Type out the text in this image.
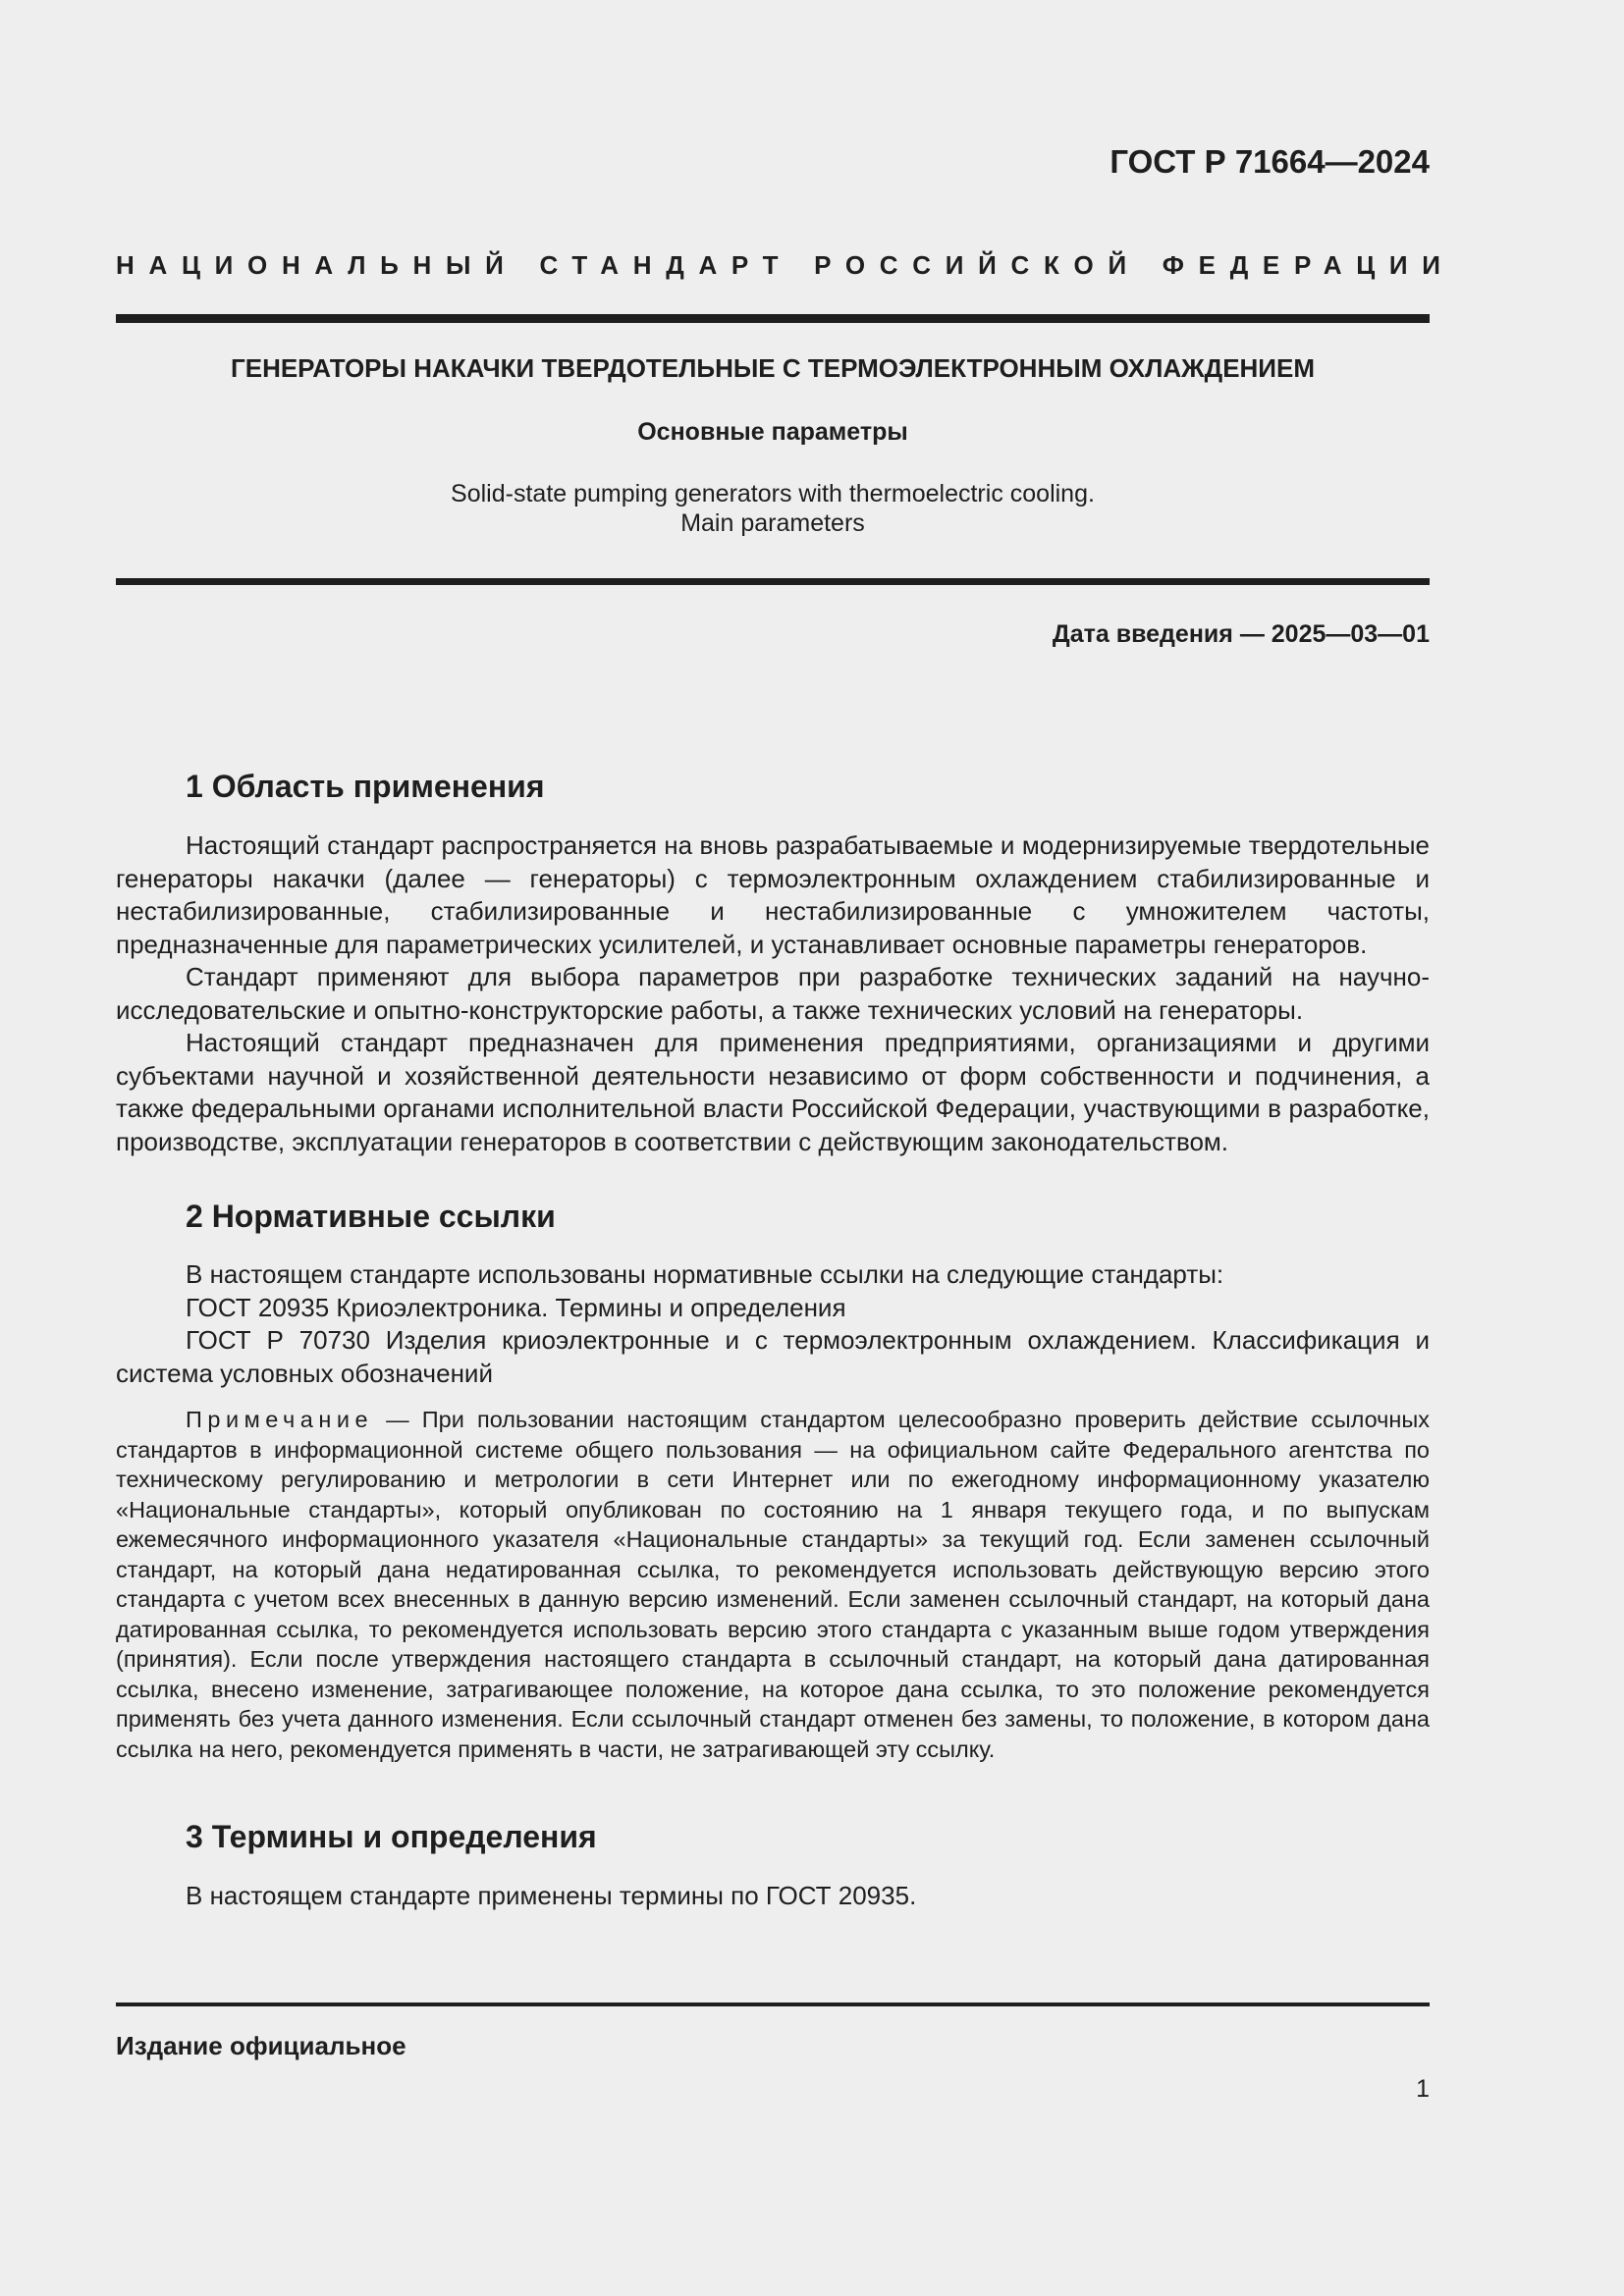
ГОСТ Р 71664—2024
НАЦИОНАЛЬНЫЙ СТАНДАРТ РОССИЙСКОЙ ФЕДЕРАЦИИ
ГЕНЕРАТОРЫ НАКАЧКИ ТВЕРДОТЕЛЬНЫЕ С ТЕРМОЭЛЕКТРОННЫМ ОХЛАЖДЕНИЕМ
Основные параметры
Solid-state pumping generators with thermoelectric cooling.
Main parameters
Дата введения — 2025—03—01
1 Область применения

Настоящий стандарт распространяется на вновь разрабатываемые и модернизируемые твердотельные генераторы накачки (далее — генераторы) с термоэлектронным охлаждением стабилизированные и нестабилизированные, стабилизированные и нестабилизированные с умножителем частоты, предназначенные для параметрических усилителей, и устанавливает основные параметры генераторов.

Стандарт применяют для выбора параметров при разработке технических заданий на научно-исследовательские и опытно-конструкторские работы, а также технических условий на генераторы.

Настоящий стандарт предназначен для применения предприятиями, организациями и другими субъектами научной и хозяйственной деятельности независимо от форм собственности и подчинения, а также федеральными органами исполнительной власти Российской Федерации, участвующими в разработке, производстве, эксплуатации генераторов в соответствии с действующим законодательством.

2 Нормативные ссылки

В настоящем стандарте использованы нормативные ссылки на следующие стандарты:

ГОСТ 20935 Криоэлектроника. Термины и определения

ГОСТ Р 70730 Изделия криоэлектронные и с термоэлектронным охлаждением. Классификация и система условных обозначений

Примечание — При пользовании настоящим стандартом целесообразно проверить действие ссылочных стандартов в информационной системе общего пользования — на официальном сайте Федерального агентства по техническому регулированию и метрологии в сети Интернет или по ежегодному информационному указателю «Национальные стандарты», который опубликован по состоянию на 1 января текущего года, и по выпускам ежемесячного информационного указателя «Национальные стандарты» за текущий год. Если заменен ссылочный стандарт, на который дана недатированная ссылка, то рекомендуется использовать действующую версию этого стандарта с учетом всех внесенных в данную версию изменений. Если заменен ссылочный стандарт, на который дана датированная ссылка, то рекомендуется использовать версию этого стандарта с указанным выше годом утверждения (принятия). Если после утверждения настоящего стандарта в ссылочный стандарт, на который дана датированная ссылка, внесено изменение, затрагивающее положение, на которое дана ссылка, то это положение рекомендуется применять без учета данного изменения. Если ссылочный стандарт отменен без замены, то положение, в котором дана ссылка на него, рекомендуется применять в части, не затрагивающей эту ссылку.

3 Термины и определения

В настоящем стандарте применены термины по ГОСТ 20935.

Издание официальное
1
